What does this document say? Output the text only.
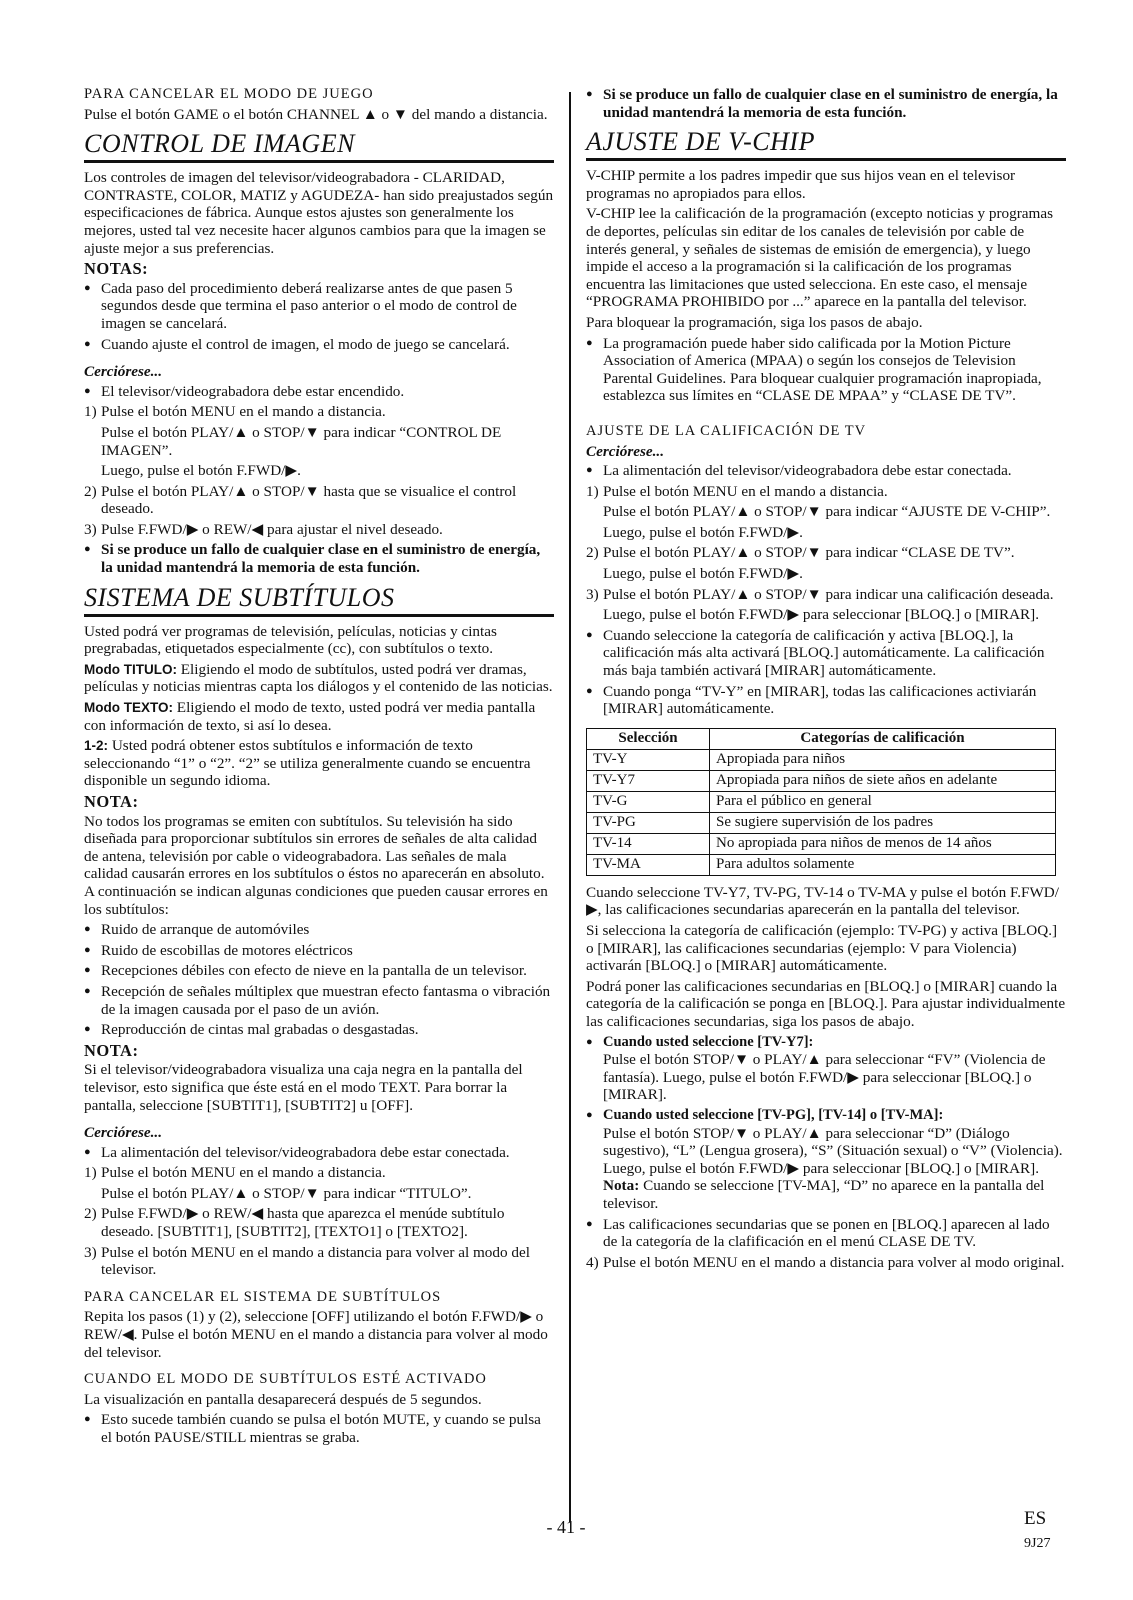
PARA CANCELAR EL MODO DE JUEGO

Pulse el botón GAME o el botón CHANNEL ▲ o ▼ del mando a distancia.

CONTROL DE IMAGEN

Los controles de imagen del televisor/videograbadora - CLARIDAD, CONTRASTE, COLOR, MATIZ y AGUDEZA- han sido preajustados según especificaciones de fábrica. Aunque estos ajustes son generalmente los mejores, usted tal vez necesite hacer algunos cambios para que la imagen se ajuste mejor a sus preferencias.

NOTAS:
● Cada paso del procedimiento deberá realizarse antes de que pasen 5 segundos desde que termina el paso anterior o el modo de control de imagen se cancelará.
● Cuando ajuste el control de imagen, el modo de juego se cancelará.
Cerciórese...
● El televisor/videograbadora debe estar encendido.
1) Pulse el botón MENU en el mando a distancia.
Pulse el botón PLAY/▲ o STOP/▼ para indicar “CONTROL DE IMAGEN”.
Luego, pulse el botón F.FWD/▶.
2) Pulse el botón PLAY/▲ o STOP/▼ hasta que se visualice el control deseado.
3) Pulse F.FWD/▶ o REW/◀ para ajustar el nivel deseado.
● Si se produce un fallo de cualquier clase en el suministro de energía, la unidad mantendrá la memoria de esta función.
SISTEMA DE SUBTÍTULOS

Usted podrá ver programas de televisión, películas, noticias y cintas pregrabadas, etiquetados especialmente (cc), con subtítulos o texto.

Modo TITULO: Eligiendo el modo de subtítulos, usted podrá ver dramas, películas y noticias mientras capta los diálogos y el contenido de las noticias.

Modo TEXTO: Eligiendo el modo de texto, usted podrá ver media pantalla con información de texto, si así lo desea.

1-2: Usted podrá obtener estos subtítulos e información de texto seleccionando “1” o “2”. “2” se utiliza generalmente cuando se encuentra disponible un segundo idioma.

NOTA:

No todos los programas se emiten con subtítulos. Su televisión ha sido diseñada para proporcionar subtítulos sin errores de señales de alta calidad de antena, televisión por cable o videograbadora. Las señales de mala calidad causarán errores en los subtítulos o éstos no aparecerán en absoluto. A continuación se indican algunas condiciones que pueden causar errores en los subtítulos:

● Ruido de arranque de automóviles
● Ruido de escobillas de motores eléctricos
● Recepciones débiles con efecto de nieve en la pantalla de un televisor.
● Recepción de señales múltiplex que muestran efecto fantasma o vibración de la imagen causada por el paso de un avión.
● Reproducción de cintas mal grabadas o desgastadas.
NOTA:

Si el televisor/videograbadora visualiza una caja negra en la pantalla del televisor, esto significa que éste está en el modo TEXT. Para borrar la pantalla, seleccione [SUBTIT1], [SUBTIT2] u [OFF].

Cerciórese...
● La alimentación del televisor/videograbadora debe estar conectada.
1) Pulse el botón MENU en el mando a distancia.
Pulse el botón PLAY/▲ o STOP/▼ para indicar “TITULO”.
2) Pulse F.FWD/▶ o REW/◀ hasta que aparezca el menúde subtítulo deseado. [SUBTIT1], [SUBTIT2], [TEXTO1] o [TEXTO2].
3) Pulse el botón MENU en el mando a distancia para volver al modo del televisor.
PARA CANCELAR EL SISTEMA DE SUBTÍTULOS

Repita los pasos (1) y (2), seleccione [OFF] utilizando el botón F.FWD/▶ o REW/◀. Pulse el botón MENU en el mando a distancia para volver al modo del televisor.

CUANDO EL MODO DE SUBTÍTULOS ESTÉ ACTIVADO

La visualización en pantalla desaparecerá después de 5 segundos.

● Esto sucede también cuando se pulsa el botón MUTE, y cuando se pulsa el botón PAUSE/STILL mientras se graba.
● Si se produce un fallo de cualquier clase en el suministro de energía, la unidad mantendrá la memoria de esta función.
AJUSTE DE V-CHIP

V-CHIP permite a los padres impedir que sus hijos vean en el televisor programas no apropiados para ellos.

V-CHIP lee la calificación de la programación (excepto noticias y programas de deportes, películas sin editar de los canales de televisión por cable de interés general, y señales de sistemas de emisión de emergencia), y luego impide el acceso a la programación si la calificación de los programas encuentra las limitaciones que usted selecciona. En este caso, el mensaje “PROGRAMA PROHIBIDO por ...” aparece en la pantalla del televisor.

Para bloquear la programación, siga los pasos de abajo.

● La programación puede haber sido calificada por la Motion Picture Association of America (MPAA) o según los consejos de Television Parental Guidelines. Para bloquear cualquier programación inapropiada, establezca sus límites en “CLASE DE MPAA” y “CLASE DE TV”.
AJUSTE DE LA CALIFICACIÓN DE TV
Cerciórese...
● La alimentación del televisor/videograbadora debe estar conectada.
1) Pulse el botón MENU en el mando a distancia.
Pulse el botón PLAY/▲ o STOP/▼ para indicar “AJUSTE DE V-CHIP”.
Luego, pulse el botón F.FWD/▶.
2) Pulse el botón PLAY/▲ o STOP/▼ para indicar “CLASE DE TV”.
Luego, pulse el botón F.FWD/▶.
3) Pulse el botón PLAY/▲ o STOP/▼ para indicar una calificación deseada.
Luego, pulse el botón F.FWD/▶ para seleccionar [BLOQ.] o [MIRAR].
● Cuando seleccione la categoría de calificación y activa [BLOQ.], la calificación más alta activará [BLOQ.] automáticamente. La calificación más baja también activará [MIRAR] automáticamente.
● Cuando ponga “TV-Y” en [MIRAR], todas las calificaciones activiarán [MIRAR] automáticamente.
Selección	Categorías de calificación
TV-Y	Apropiada para niños
TV-Y7	Apropiada para niños de siete años en adelante
TV-G	Para el público en general
TV-PG	Se sugiere supervisión de los padres
TV-14	No apropiada para niños de menos de 14 años
TV-MA	Para adultos solamente

Cuando seleccione TV-Y7, TV-PG, TV-14 o TV-MA y pulse el botón F.FWD/▶, las calificaciones secundarias aparecerán en la pantalla del televisor.

Si selecciona la categoría de calificación (ejemplo: TV-PG) y activa [BLOQ.] o [MIRAR], las calificaciones secundarias (ejemplo: V para Violencia) activarán [BLOQ.] o [MIRAR] automáticamente.

Podrá poner las calificaciones secundarias en [BLOQ.] o [MIRAR] cuando la categoría de la calificación se ponga en [BLOQ.]. Para ajustar individualmente las calificaciones secundarias, siga los pasos de abajo.

● Cuando usted seleccione [TV-Y7]:
Pulse el botón STOP/▼ o PLAY/▲ para seleccionar “FV” (Violencia de fantasía). Luego, pulse el botón F.FWD/▶ para seleccionar [BLOQ.] o [MIRAR].
● Cuando usted seleccione [TV-PG], [TV-14] o [TV-MA]:
Pulse el botón STOP/▼ o PLAY/▲ para seleccionar “D” (Diálogo sugestivo), “L” (Lengua grosera), “S” (Situación sexual) o “V” (Violencia). Luego, pulse el botón F.FWD/▶ para seleccionar [BLOQ.] o [MIRAR].
Nota: Cuando se seleccione [TV-MA], “D” no aparece en la pantalla del televisor.
● Las calificaciones secundarias que se ponen en [BLOQ.] aparecen al lado de la categoría de la clafificación en el menú CLASE DE TV.
4) Pulse el botón MENU en el mando a distancia para volver al modo original.
- 41 -	ES
9J27
